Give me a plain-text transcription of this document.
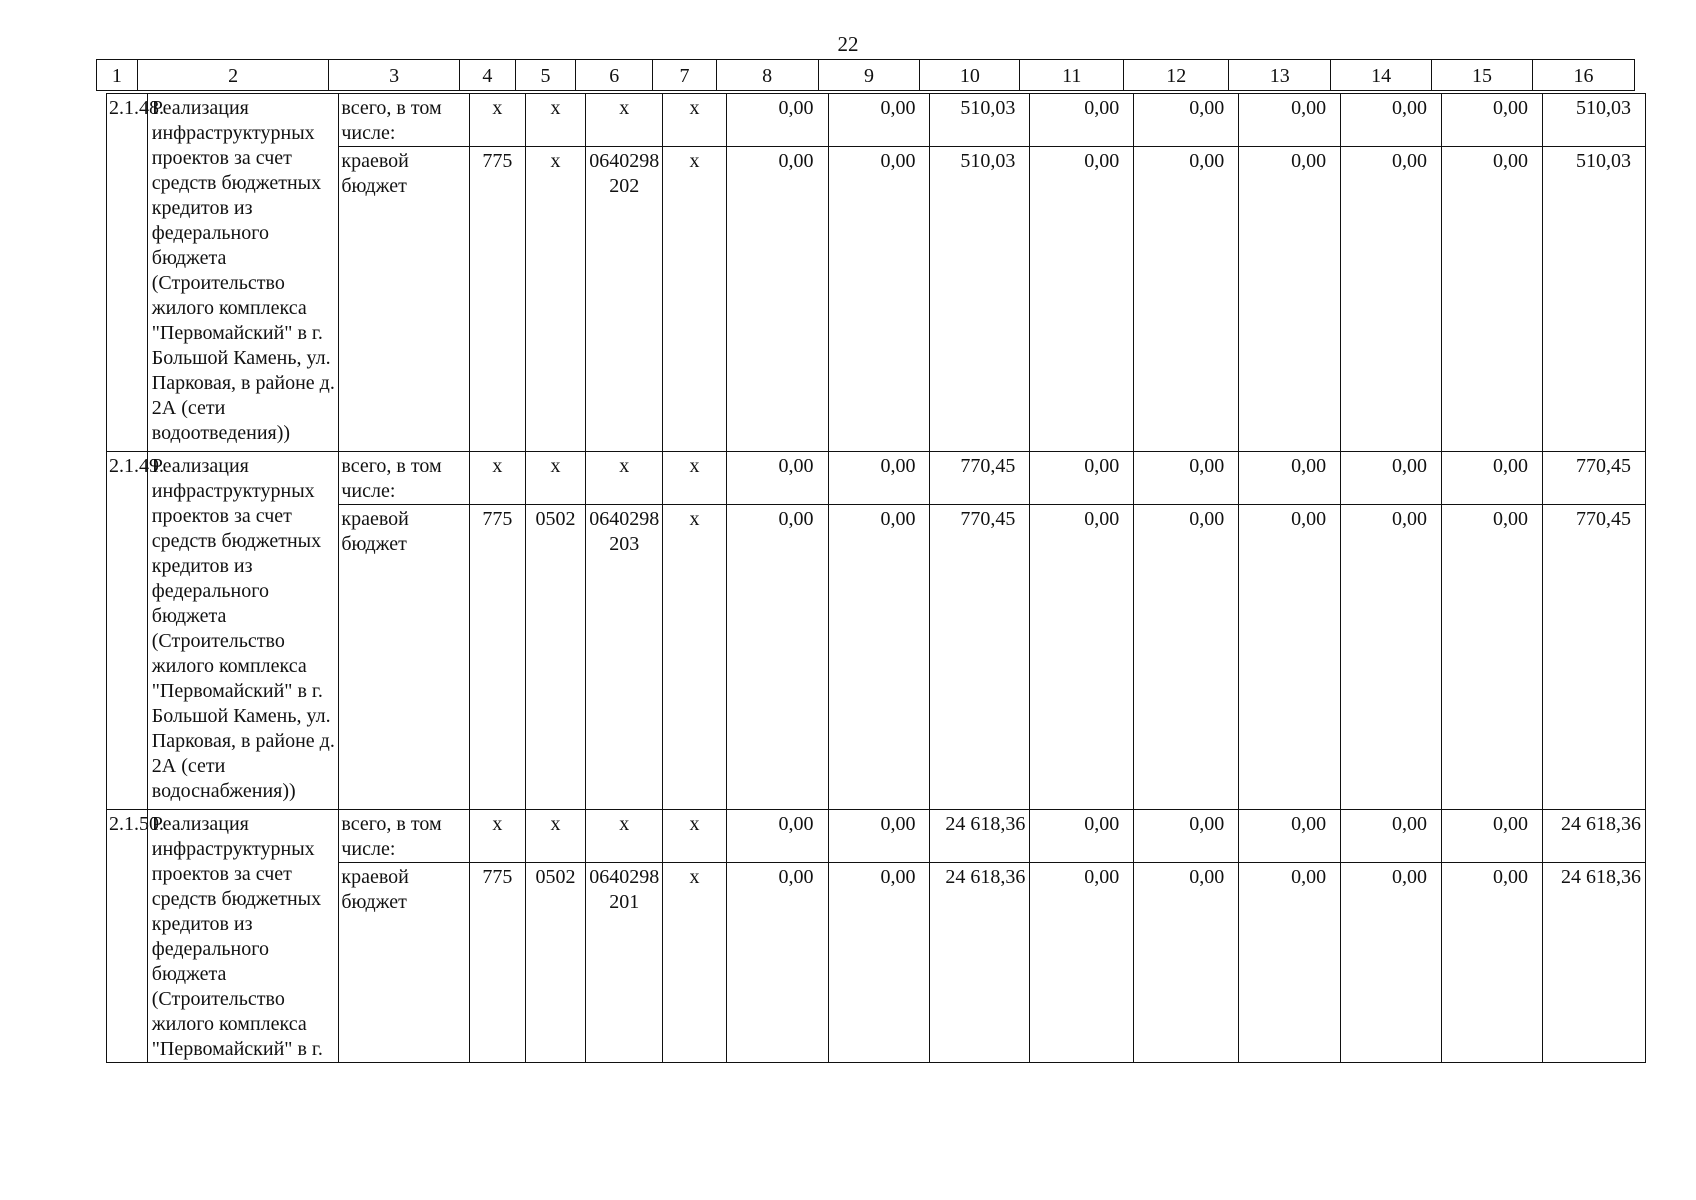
22
1	2	3	4	5	6	7	8	9	10	11	12	13	14	15	16
2.1.48.	Реализация инфраструктурных проектов за счет средств бюджетных кредитов из федерального бюджета (Строительство жилого комплекса "Первомайский" в г. Большой Камень, ул. Парковая, в районе д. 2А (сети водоотведения))	всего, в том числе:	х	х	х	х	0,00	0,00	510,03	0,00	0,00	0,00	0,00	0,00	510,03
		краевой бюджет	775	х	0640298202	х	0,00	0,00	510,03	0,00	0,00	0,00	0,00	0,00	510,03
2.1.49.	Реализация инфраструктурных проектов за счет средств бюджетных кредитов из федерального бюджета (Строительство жилого комплекса "Первомайский" в г. Большой Камень, ул. Парковая, в районе д. 2А (сети водоснабжения))	всего, в том числе:	х	х	х	х	0,00	0,00	770,45	0,00	0,00	0,00	0,00	0,00	770,45
		краевой бюджет	775	0502	0640298203	х	0,00	0,00	770,45	0,00	0,00	0,00	0,00	0,00	770,45
2.1.50.	Реализация инфраструктурных проектов за счет средств бюджетных кредитов из федерального бюджета (Строительство жилого комплекса "Первомайский" в г.	всего, в том числе:	х	х	х	х	0,00	0,00	24 618,36	0,00	0,00	0,00	0,00	0,00	24 618,36
		краевой бюджет	775	0502	0640298201	х	0,00	0,00	24 618,36	0,00	0,00	0,00	0,00	0,00	24 618,36
